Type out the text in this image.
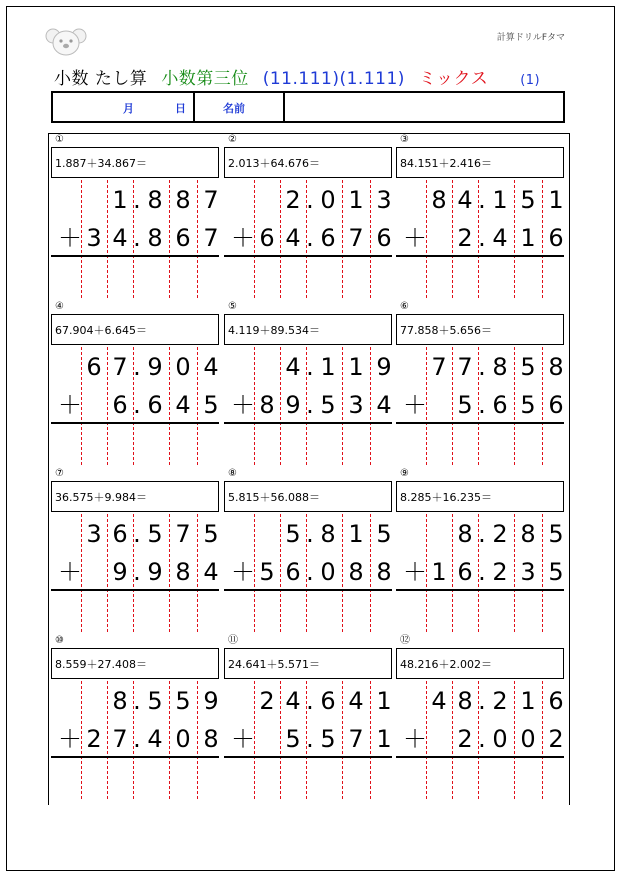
計算ドリルFタマ
小数 たし算 小数第三位 (11.111)(1.111) ミックス (1)
月	日	名前
①
1.887＋34.867＝
1 8 8 7
＋ 3 4 8 6 7
.
.
②
2.013＋64.676＝
2 0 1 3
＋ 6 4 6 7 6
.
.
③
84.151＋2.416＝
8 4 1 5 1
＋ 2 4 1 6
.
.
④
67.904＋6.645＝
6 7 9 0 4
＋ 6 6 4 5
.
.
⑤
4.119＋89.534＝
4 1 1 9
＋ 8 9 5 3 4
.
.
⑥
77.858＋5.656＝
7 7 8 5 8
＋ 5 6 5 6
.
.
⑦
36.575＋9.984＝
3 6 5 7 5
＋ 9 9 8 4
.
.
⑧
5.815＋56.088＝
5 8 1 5
＋ 5 6 0 8 8
.
.
⑨
8.285＋16.235＝
8 2 8 5
＋ 1 6 2 3 5
.
.
⑩
8.559＋27.408＝
8 5 5 9
＋ 2 7 4 0 8
.
.
⑪
24.641＋5.571＝
2 4 6 4 1
＋ 5 5 7 1
.
.
⑫
48.216＋2.002＝
4 8 2 1 6
＋ 2 0 0 2
.
.
